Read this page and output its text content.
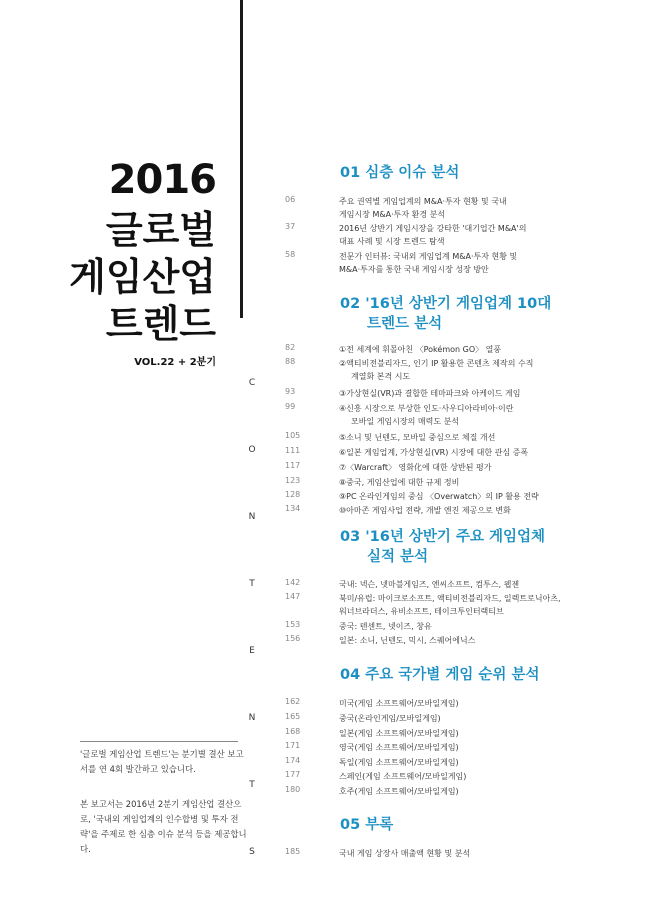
2016
글로벌
게임산업
트렌드
VOL.22 + 2분기
C
O
N
T
E
N
T
S
'글로벌 게임산업 트렌드'는 분기별 결산 보고서를 연 4회 발간하고 있습니다.
본 보고서는 2016년 2분기 게임산업 결산으로, '국내외 게임업계의 인수합병 및 투자 전략'을 주제로 한 심층 이슈 분석 등을 제공합니다.
01 심층 이슈 분석
06	주요 권역별 게임업계의 M&A·투자 현황 및 국내
게임시장 M&A·투자 환경 분석
37	2016년 상반기 게임시장을 강타한 '대기업간 M&A'의
대표 사례 및 시장 트렌드 탐색
58	전문가 인터뷰: 국내외 게임업계 M&A·투자 현황 및
M&A·투자를 통한 국내 게임시장 성장 방안
02 '16년 상반기 게임업계 10대
트렌드 분석
82	①전 세계에 휘몰아친 〈Pokémon GO〉 열풍
88	②액티비전블리자드, 인기 IP 활용한 콘텐츠 제작의 수직
계열화 본격 시도
93	③가상현실(VR)과 결합한 테마파크와 아케이드 게임
99	④신흥 시장으로 부상한 인도·사우디아라비아·이란
모바일 게임시장의 매력도 분석
105	⑤소니 및 닌텐도, 모바일 중심으로 체질 개선
111	⑥일본 게임업계, 가상현실(VR) 시장에 대한 관심 증폭
117	⑦〈Warcraft〉 영화化에 대한 상반된 평가
123	⑧중국, 게임산업에 대한 규제 정비
128	⑨PC 온라인게임의 중심 〈Overwatch〉의 IP 활용 전략
134	⑩아마존 게임사업 전략, 개발 엔진 제공으로 변화
03 '16년 상반기 주요 게임업체
실적 분석
142	국내: 넥슨, 넷마블게임즈, 엔씨소프트, 컴투스, 웹젠
147	북미/유럽: 마이크로소프트, 액티비전블리자드, 일렉트로닉아츠,
워너브라더스, 유비소프트, 테이크투인터랙티브
153	중국: 텐센트, 넷이즈, 창유
156	일본: 소니, 닌텐도, 믹시, 스퀘어에닉스
04 주요 국가별 게임 순위 분석
162	미국(게임 소프트웨어/모바일게임)
165	중국(온라인게임/모바일게임)
168	일본(게임 소프트웨어/모바일게임)
171	영국(게임 소프트웨어/모바일게임)
174	독일(게임 소프트웨어/모바일게임)
177	스페인(게임 소프트웨어/모바일게임)
180	호주(게임 소프트웨어/모바일게임)
05 부록
185	국내 게임 상장사 매출액 현황 및 분석
